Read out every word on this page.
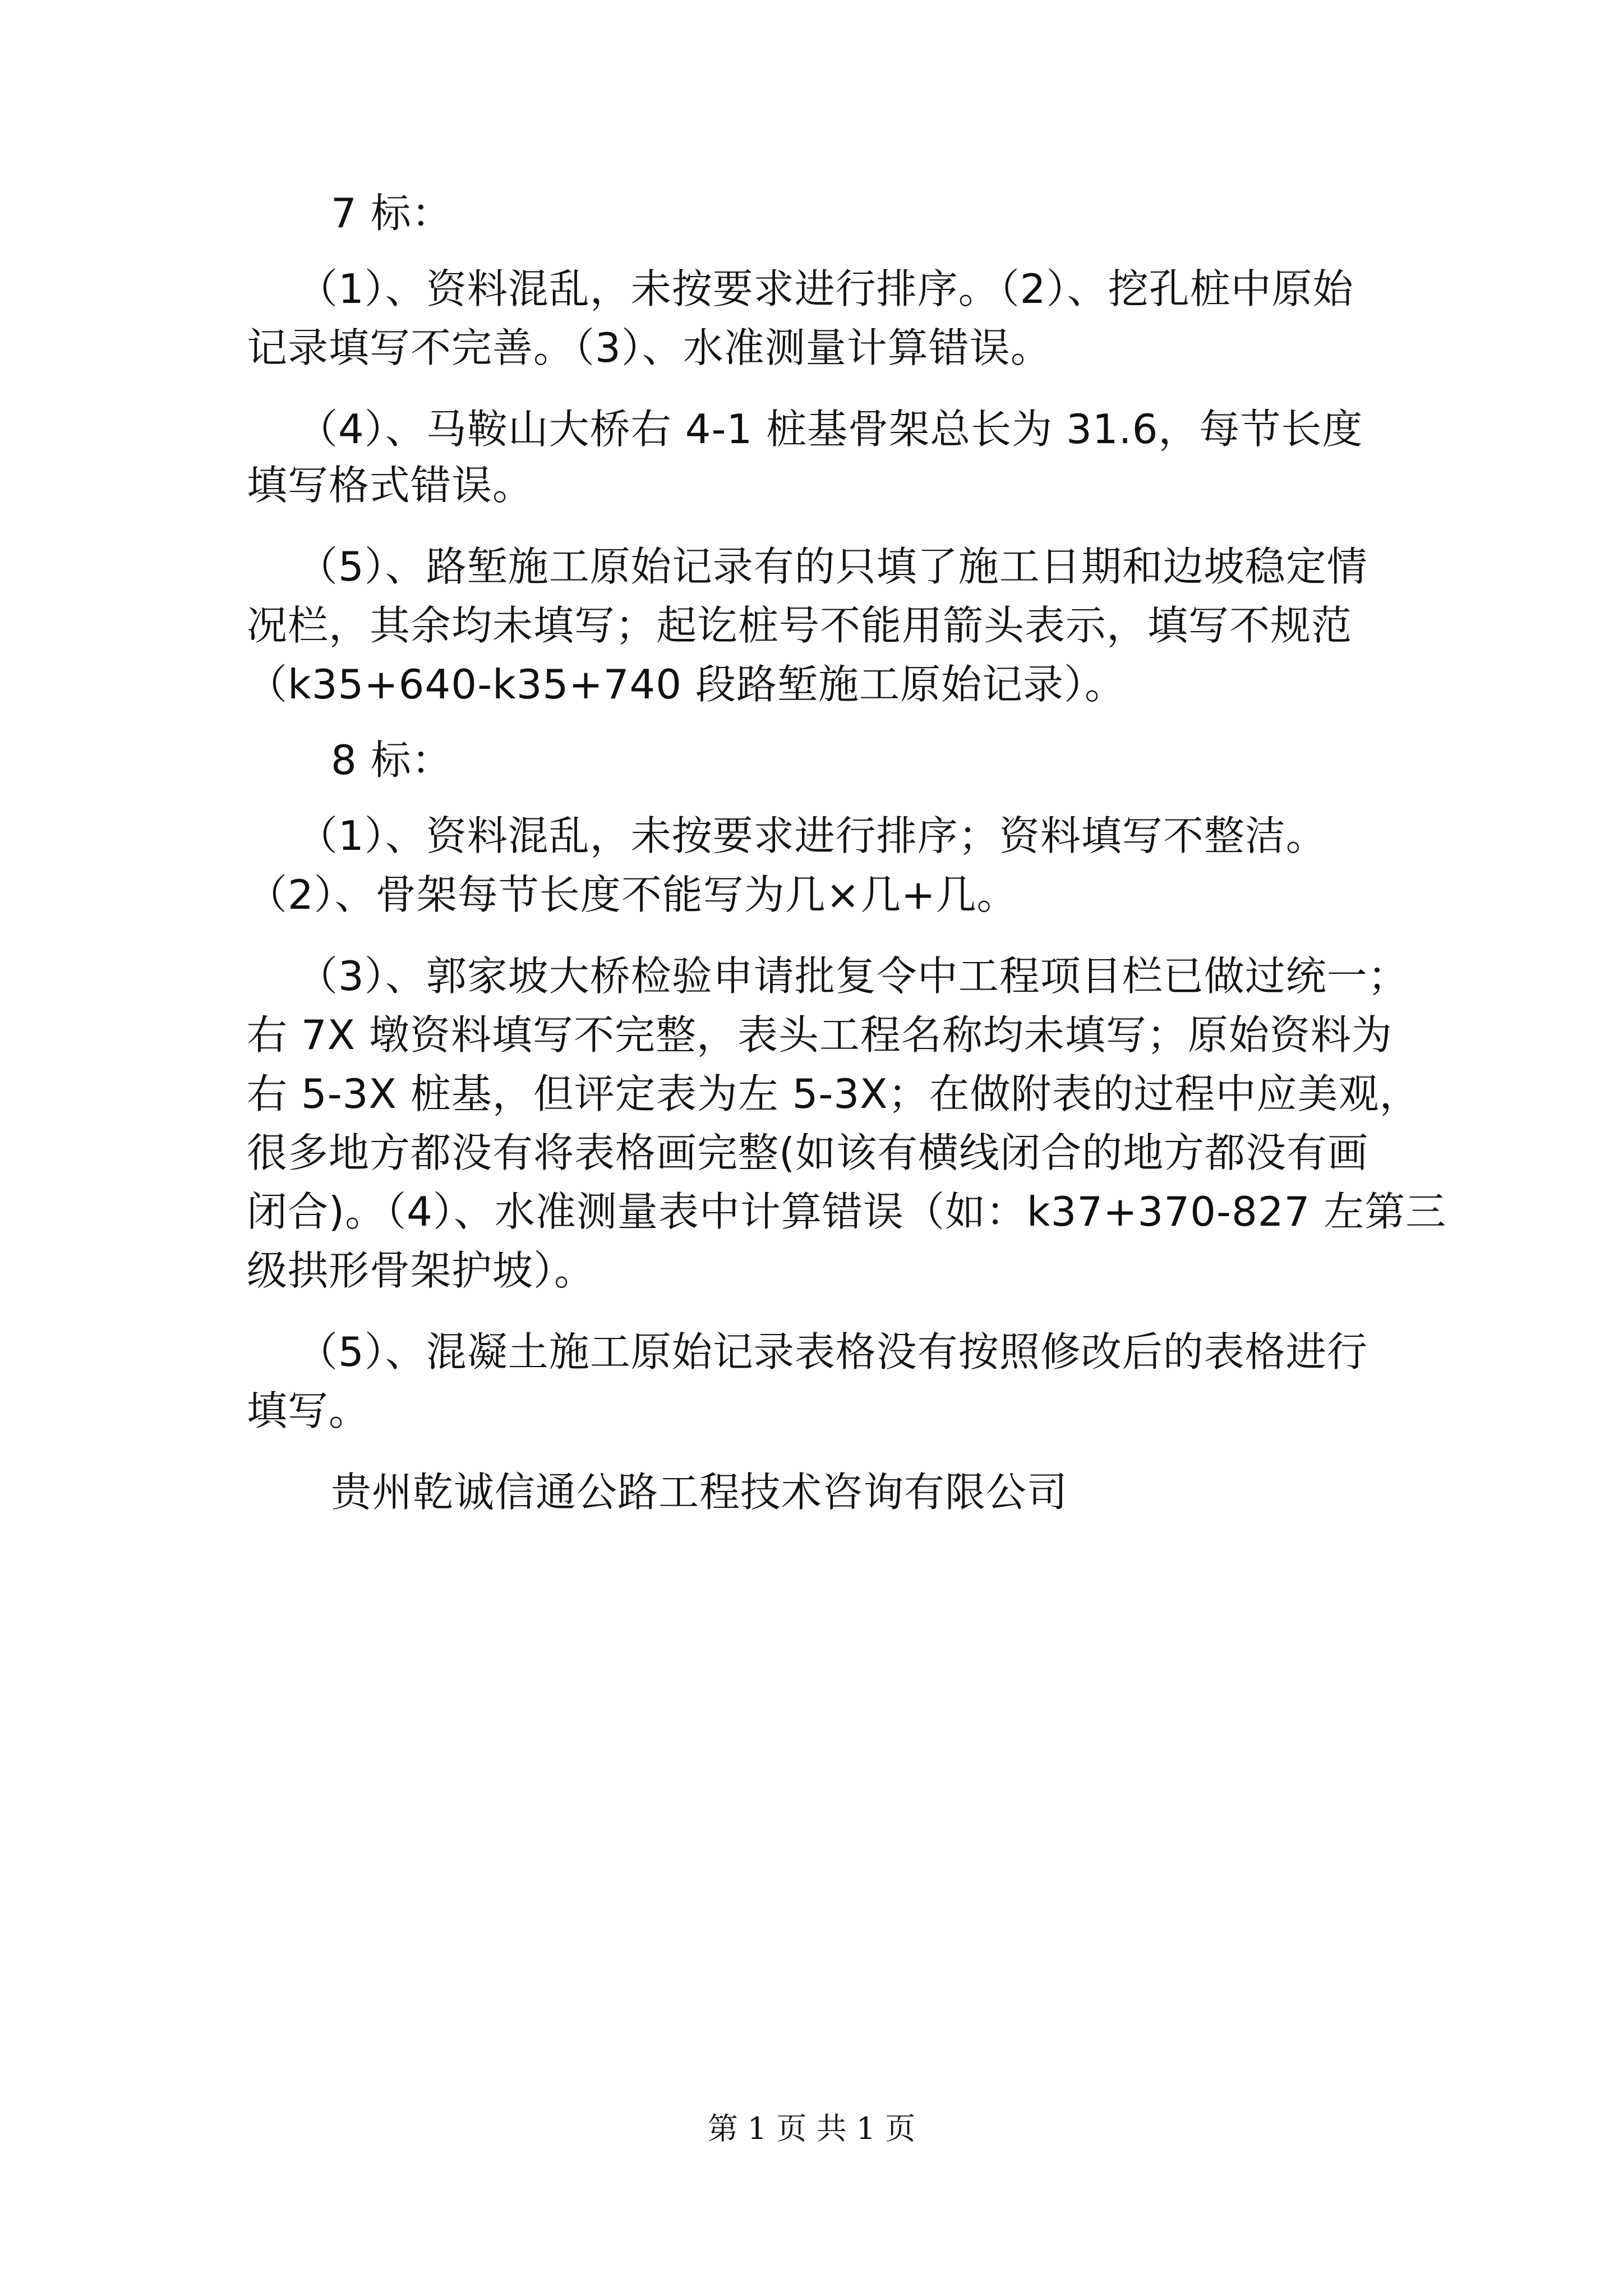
7 标：
（1）、资料混乱，未按要求进行排序。（2）、挖孔桩中原始
记录填写不完善。（3）、水准测量计算错误。
（4）、马鞍山大桥右 4-1 桩基骨架总长为 31.6，每节长度
填写格式错误。
（5）、路堑施工原始记录有的只填了施工日期和边坡稳定情
况栏，其余均未填写；起讫桩号不能用箭头表示，填写不规范
（k35+640-k35+740 段路堑施工原始记录）。
8 标：
（1）、资料混乱，未按要求进行排序；资料填写不整洁。
（2）、骨架每节长度不能写为几×几+几。
（3）、郭家坡大桥检验申请批复令中工程项目栏已做过统一；
右 7X 墩资料填写不完整，表头工程名称均未填写；原始资料为
右 5-3X 桩基，但评定表为左 5-3X；在做附表的过程中应美观，
很多地方都没有将表格画完整(如该有横线闭合的地方都没有画
闭合)。（4）、水准测量表中计算错误（如：k37+370-827 左第三
级拱形骨架护坡）。
（5）、混凝土施工原始记录表格没有按照修改后的表格进行
填写。
贵州乾诚信通公路工程技术咨询有限公司
第 1 页 共 1 页
